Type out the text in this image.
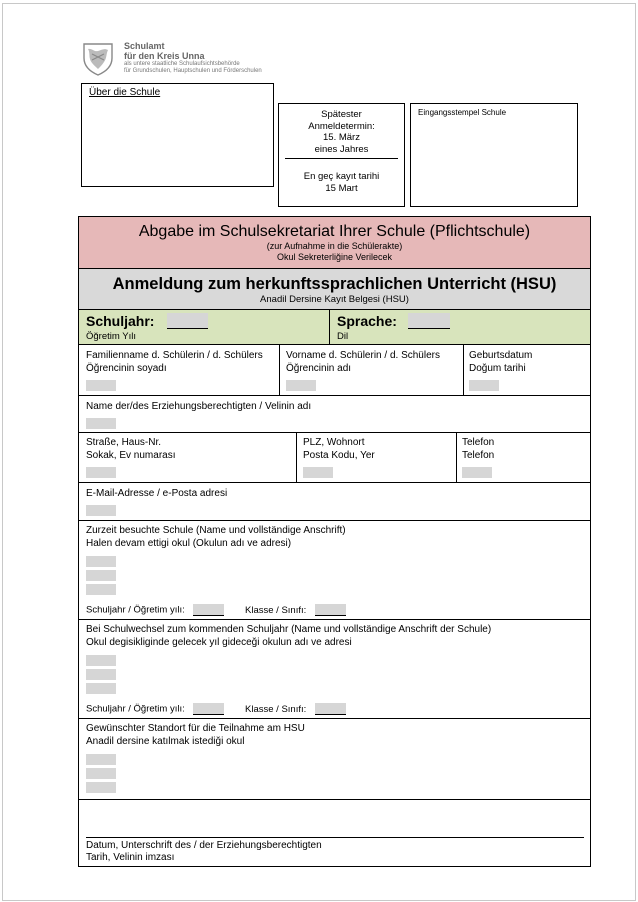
Schulamt
für den Kreis Unna
als untere staatliche Schulaufsichtsbehörde
für Grundschulen, Hauptschulen und Förderschulen
Über die Schule
Spätester
Anmeldetermin:
15. März
eines Jahres
En geç kayıt tarihi
15 Mart
Eingangsstempel Schule
Abgabe im Schulsekretariat Ihrer Schule (Pflichtschule)
(zur Aufnahme in die Schülerakte)
Okul Sekreterliğine Verilecek
Anmeldung zum herkunftssprachlichen Unterricht (HSU)
Anadil Dersine Kayıt Belgesi (HSU)
Schuljahr:
Öğretim Yılı
Sprache:
Dil
Familienname d. Schülerin / d. Schülers
Öğrencinin soyadı
Vorname d. Schülerin / d. Schülers
Öğrencinin adı
Geburtsdatum
Doğum tarihi
Name der/des Erziehungsberechtigten / Velinin adı
Straße, Haus-Nr.
Sokak, Ev numarası
PLZ, Wohnort
Posta Kodu, Yer
Telefon
Telefon
E-Mail-Adresse / e-Posta adresi
Zurzeit besuchte Schule (Name und vollständige Anschrift)
Halen devam ettigi okul (Okulun adı ve adresi)
Schuljahr / Öğretim yılı:	Klasse / Sınıfı:
Bei Schulwechsel zum kommenden Schuljahr (Name und vollständige Anschrift der Schule)
Okul degisikliginde gelecek yıl gideceği okulun adı ve adresi
Schuljahr / Öğretim yılı:	Klasse / Sınıfı:
Gewünschter Standort für die Teilnahme am HSU
Anadil dersine katılmak istediği okul
Datum, Unterschrift des / der Erziehungsberechtigten
Tarih, Velinin imzası
